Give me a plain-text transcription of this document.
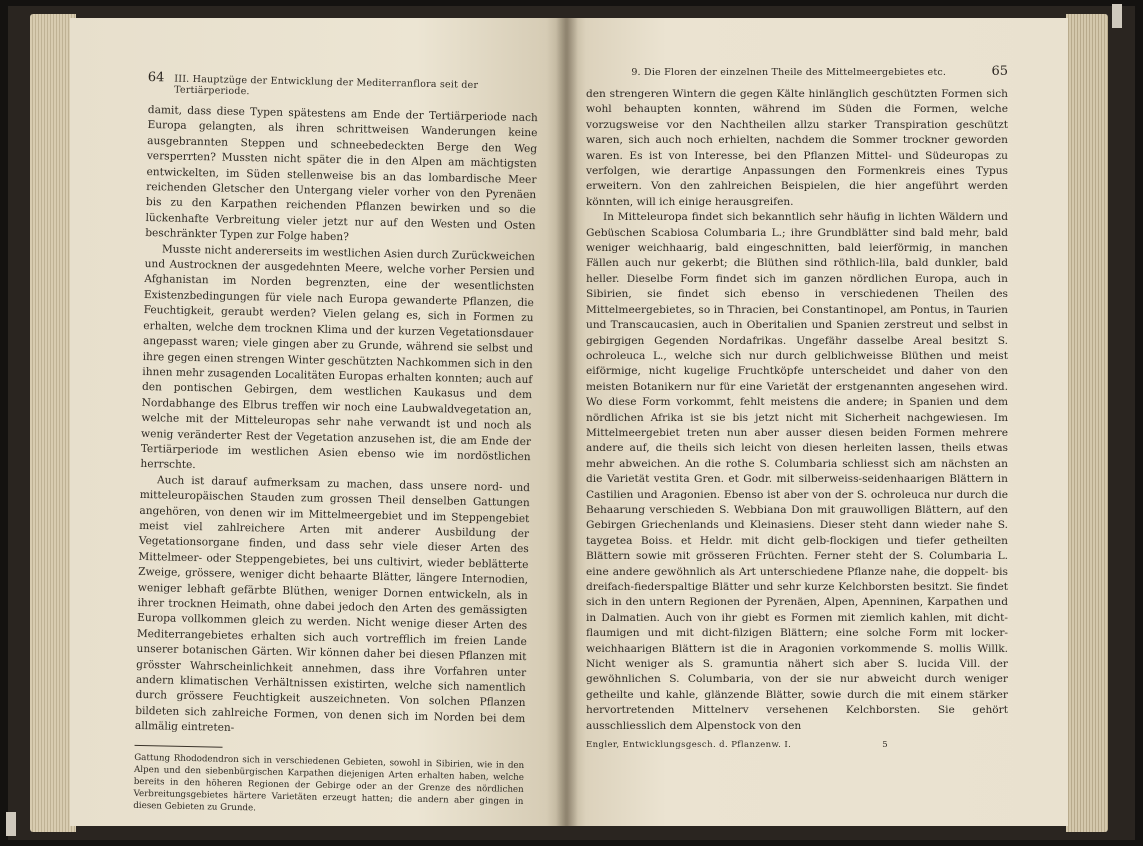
64 III. Hauptzüge der Entwicklung der Mediterranflora seit der Tertiärperiode.

damit, dass diese Typen spätestens am Ende der Tertiärperiode nach Europa gelangten, als ihren schrittweisen Wanderungen keine ausgebrannten Steppen und schneebedeckten Berge den Weg versperrten? Mussten nicht später die in den Alpen am mächtigsten entwickelten, im Süden stellenweise bis an das lombardische Meer reichenden Gletscher den Untergang vieler vorher von den Pyrenäen bis zu den Karpathen reichenden Pflanzen bewirken und so die lückenhafte Verbreitung vieler jetzt nur auf den Westen und Osten beschränkter Typen zur Folge haben?

Musste nicht andererseits im westlichen Asien durch Zurückweichen und Austrocknen der ausgedehnten Meere, welche vorher Persien und Afghanistan im Norden begrenzten, eine der wesentlichsten Existenzbedingungen für viele nach Europa gewanderte Pflanzen, die Feuchtigkeit, geraubt werden? Vielen gelang es, sich in Formen zu erhalten, welche dem trocknen Klima und der kurzen Vegetationsdauer angepasst waren; viele gingen aber zu Grunde, während sie selbst und ihre gegen einen strengen Winter geschützten Nachkommen sich in den ihnen mehr zusagenden Localitäten Europas erhalten konnten; auch auf den pontischen Gebirgen, dem westlichen Kaukasus und dem Nordabhange des Elbrus treffen wir noch eine Laubwaldvegetation an, welche mit der Mitteleuropas sehr nahe verwandt ist und noch als wenig veränderter Rest der Vegetation anzusehen ist, die am Ende der Tertiärperiode im westlichen Asien ebenso wie im nordöstlichen herrschte.

Auch ist darauf aufmerksam zu machen, dass unsere nord- und mitteleuropäischen Stauden zum grossen Theil denselben Gattungen angehören, von denen wir im Mittelmeergebiet und im Steppengebiet meist viel zahlreichere Arten mit anderer Ausbildung der Vegetationsorgane finden, und dass sehr viele dieser Arten des Mittelmeer- oder Steppengebietes, bei uns cultivirt, wieder beblätterte Zweige, grössere, weniger dicht behaarte Blätter, längere Internodien, weniger lebhaft gefärbte Blüthen, weniger Dornen entwickeln, als in ihrer trocknen Heimath, ohne dabei jedoch den Arten des gemässigten Europa vollkommen gleich zu werden. Nicht wenige dieser Arten des Mediterrangebietes erhalten sich auch vortrefflich im freien Lande unserer botanischen Gärten. Wir können daher bei diesen Pflanzen mit grösster Wahrscheinlichkeit annehmen, dass ihre Vorfahren unter andern klimatischen Verhältnissen existirten, welche sich namentlich durch grössere Feuchtigkeit auszeichneten. Von solchen Pflanzen bildeten sich zahlreiche Formen, von denen sich im Norden bei dem allmälig eintreten-

Gattung Rhododendron sich in verschiedenen Gebieten, sowohl in Sibirien, wie in den Alpen und den siebenbürgischen Karpathen diejenigen Arten erhalten haben, welche bereits in den höheren Regionen der Gebirge oder an der Grenze des nördlichen Verbreitungsgebietes härtere Varietäten erzeugt hatten; die andern aber gingen in diesen Gebieten zu Grunde.
9. Die Floren der einzelnen Theile des Mittelmeergebietes etc.	65

den strengeren Wintern die gegen Kälte hinlänglich geschützten Formen sich wohl behaupten konnten, während im Süden die Formen, welche vorzugsweise vor den Nachtheilen allzu starker Transpiration geschützt waren, sich auch noch erhielten, nachdem die Sommer trockner geworden waren. Es ist von Interesse, bei den Pflanzen Mittel- und Südeuropas zu verfolgen, wie derartige Anpassungen den Formenkreis eines Typus erweitern. Von den zahlreichen Beispielen, die hier angeführt werden könnten, will ich einige herausgreifen.

In Mitteleuropa findet sich bekanntlich sehr häufig in lichten Wäldern und Gebüschen Scabiosa Columbaria L.; ihre Grundblätter sind bald mehr, bald weniger weichhaarig, bald eingeschnitten, bald leierförmig, in manchen Fällen auch nur gekerbt; die Blüthen sind röthlich-lila, bald dunkler, bald heller. Dieselbe Form findet sich im ganzen nördlichen Europa, auch in Sibirien, sie findet sich ebenso in verschiedenen Theilen des Mittelmeergebietes, so in Thracien, bei Constantinopel, am Pontus, in Taurien und Transcaucasien, auch in Oberitalien und Spanien zerstreut und selbst in gebirgigen Gegenden Nordafrikas. Ungefähr dasselbe Areal besitzt S. ochroleuca L., welche sich nur durch gelblichweisse Blüthen und meist eiförmige, nicht kugelige Fruchtköpfe unterscheidet und daher von den meisten Botanikern nur für eine Varietät der erstgenannten angesehen wird. Wo diese Form vorkommt, fehlt meistens die andere; in Spanien und dem nördlichen Afrika ist sie bis jetzt nicht mit Sicherheit nachgewiesen. Im Mittelmeergebiet treten nun aber ausser diesen beiden Formen mehrere andere auf, die theils sich leicht von diesen herleiten lassen, theils etwas mehr abweichen. An die rothe S. Columbaria schliesst sich am nächsten an die Varietät vestita Gren. et Godr. mit silberweiss-seidenhaarigen Blättern in Castilien und Aragonien. Ebenso ist aber von der S. ochroleuca nur durch die Behaarung verschieden S. Webbiana Don mit grauwolligen Blättern, auf den Gebirgen Griechenlands und Kleinasiens. Dieser steht dann wieder nahe S. taygetea Boiss. et Heldr. mit dicht gelb-flockigen und tiefer getheilten Blättern sowie mit grösseren Früchten. Ferner steht der S. Columbaria L. eine andere gewöhnlich als Art unterschiedene Pflanze nahe, die doppelt- bis dreifach-fiederspaltige Blätter und sehr kurze Kelchborsten besitzt. Sie findet sich in den untern Regionen der Pyrenäen, Alpen, Apenninen, Karpathen und in Dalmatien. Auch von ihr giebt es Formen mit ziemlich kahlen, mit dicht-flaumigen und mit dicht-filzigen Blättern; eine solche Form mit locker-weichhaarigen Blättern ist die in Aragonien vorkommende S. mollis Willk. Nicht weniger als S. gramuntia nähert sich aber S. lucida Vill. der gewöhnlichen S. Columbaria, von der sie nur abweicht durch weniger getheilte und kahle, glänzende Blätter, sowie durch die mit einem stärker hervortretenden Mittelnerv versehenen Kelchborsten. Sie gehört ausschliesslich dem Alpenstock von den

Engler, Entwicklungsgesch. d. Pflanzenw. I.	5
